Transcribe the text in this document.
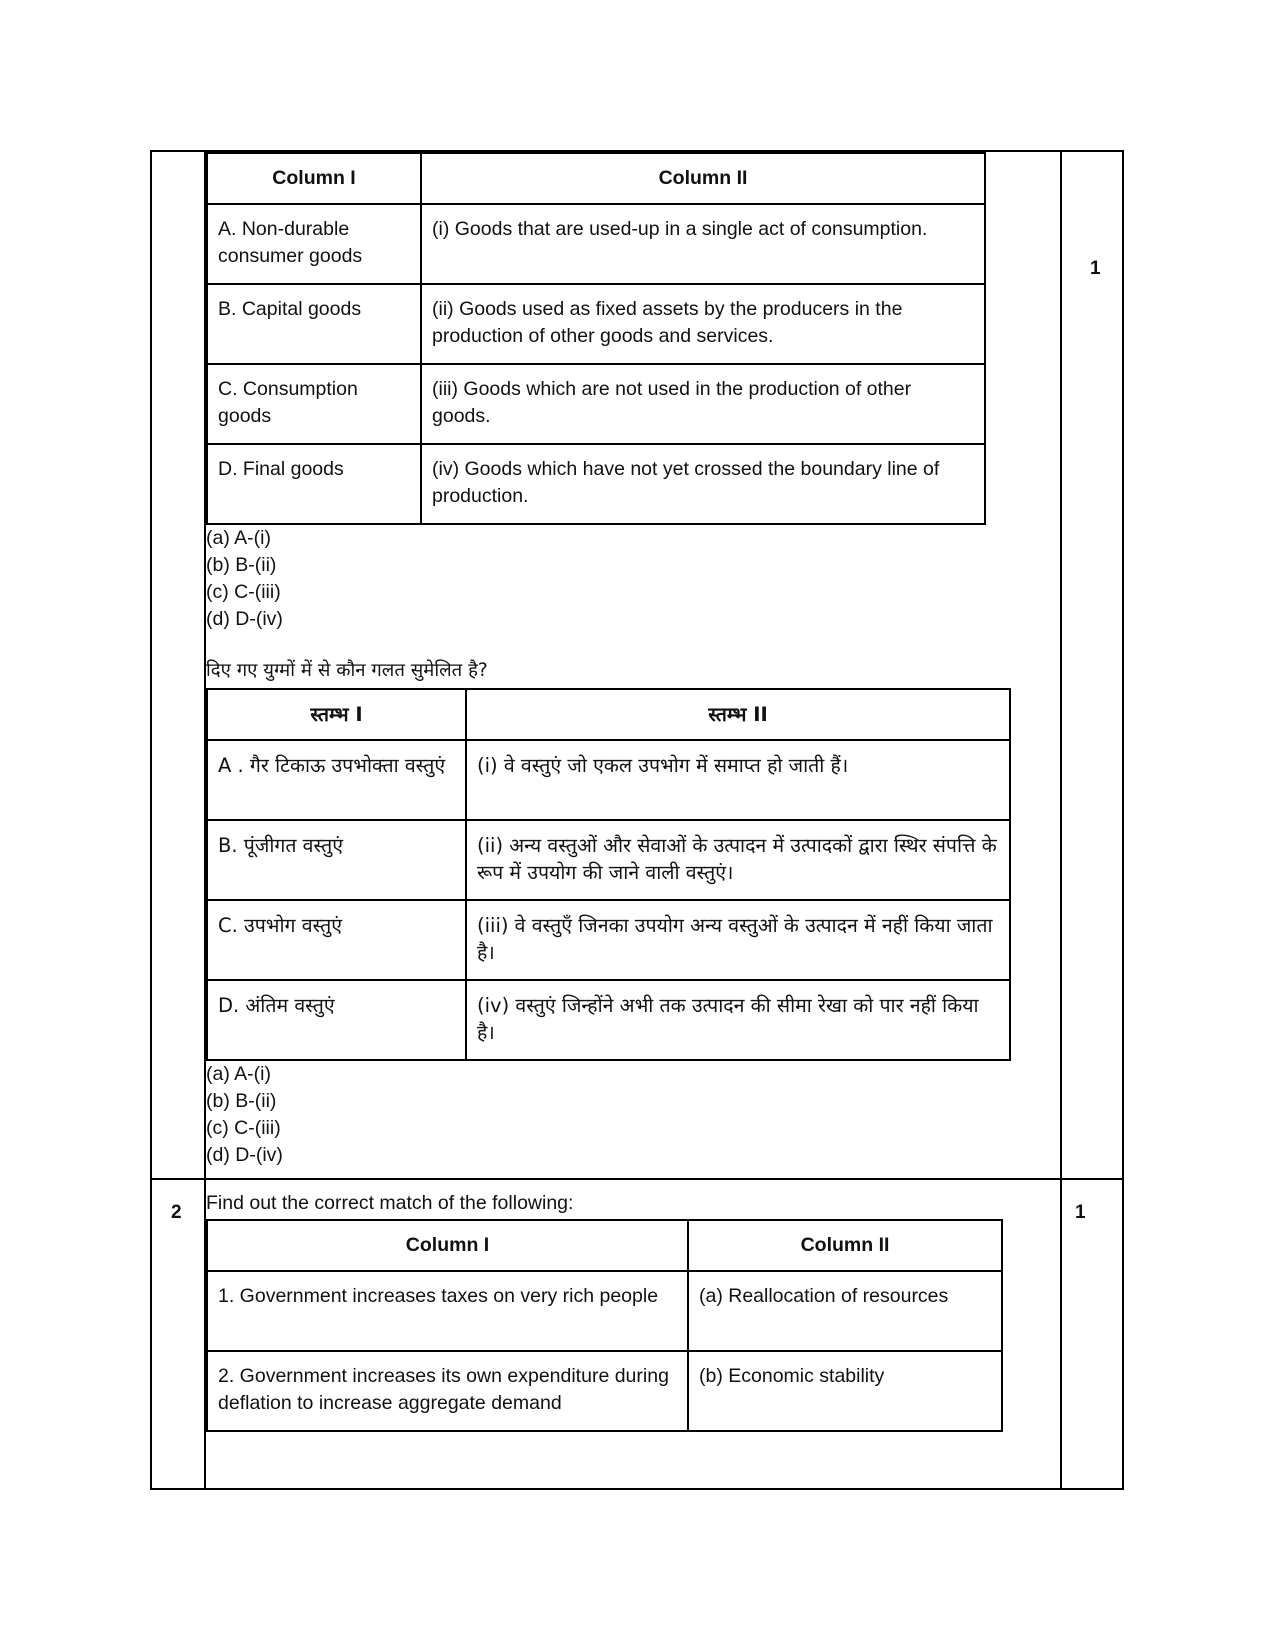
Column I	Column II
A. Non-durable consumer goods	(i) Goods that are used-up in a single act of consumption.
B. Capital goods	(ii) Goods used as fixed assets by the producers in the production of other goods and services.
C. Consumption goods	(iii) Goods which are not used in the production of other goods.
D. Final goods	(iv) Goods which have not yet crossed the boundary line of production.
(a) A-(i)
(b) B-(ii)
(c) C-(iii)
(d) D-(iv)
दिए गए युग्मों में से कौन गलत सुमेलित है?
स्तम्भ I	स्तम्भ II
A . गैर टिकाऊ उपभोक्ता वस्तुएं	(i) वे वस्तुएं जो एकल उपभोग में समाप्त हो जाती हैं।
B. पूंजीगत वस्तुएं	(ii) अन्य वस्तुओं और सेवाओं के उत्पादन में उत्पादकों द्वारा स्थिर संपत्ति के रूप में उपयोग की जाने वाली वस्तुएं।
C. उपभोग वस्तुएं	(iii) वे वस्तुएँ जिनका उपयोग अन्य वस्तुओं के उत्पादन में नहीं किया जाता है।
D. अंतिम वस्तुएं	(iv) वस्तुएं जिन्होंने अभी तक उत्पादन की सीमा रेखा को पार नहीं किया है।
(a) A-(i)
(b) B-(ii)
(c) C-(iii)
(d) D-(iv)

1

2	Find out the correct match of the following:
Column I	Column II
1. Government increases taxes on very rich people	(a) Reallocation of resources
2. Government increases its own expenditure during deflation to increase aggregate demand	(b) Economic stability

1
